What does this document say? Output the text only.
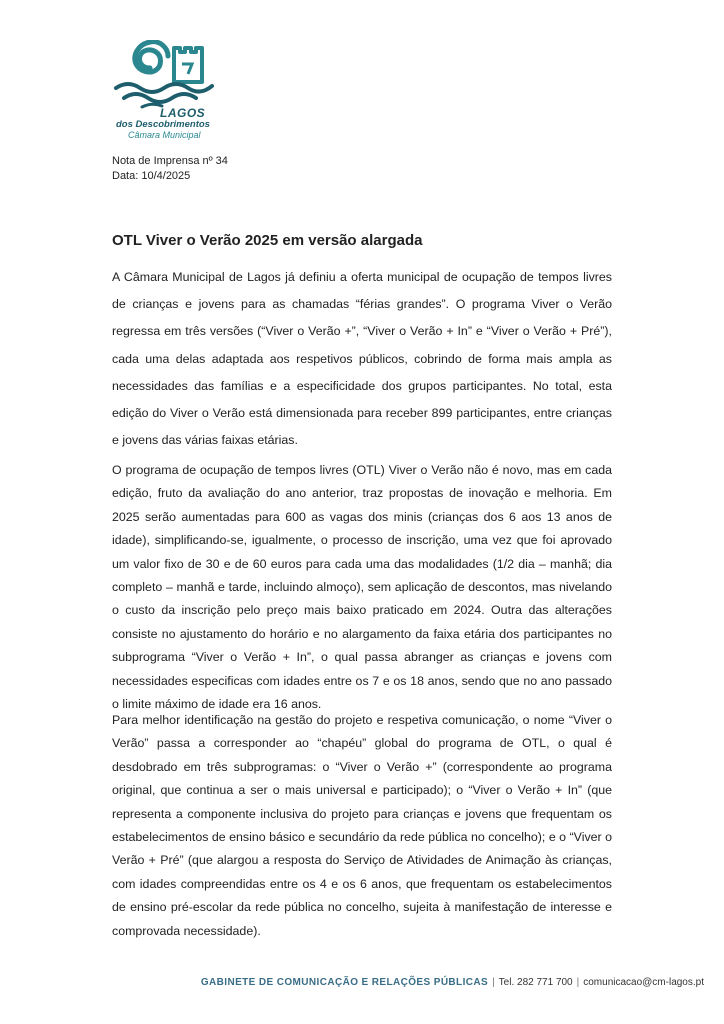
LAGOS
dos Descobrimentos
Câmara Municipal
Nota de Imprensa nº 34
Data: 10/4/2025
OTL Viver o Verão 2025 em versão alargada

A Câmara Municipal de Lagos já definiu a oferta municipal de ocupação de tempos livres de crianças e jovens para as chamadas “férias grandes”. O programa Viver o Verão regressa em três versões (“Viver o Verão +”, “Viver o Verão + In” e “Viver o Verão + Pré”), cada uma delas adaptada aos respetivos públicos, cobrindo de forma mais ampla as necessidades das famílias e a especificidade dos grupos participantes. No total, esta edição do Viver o Verão está dimensionada para receber 899 participantes, entre crianças e jovens das várias faixas etárias.

O programa de ocupação de tempos livres (OTL) Viver o Verão não é novo, mas em cada edição, fruto da avaliação do ano anterior, traz propostas de inovação e melhoria. Em 2025 serão aumentadas para 600 as vagas dos minis (crianças dos 6 aos 13 anos de idade), simplificando-se, igualmente, o processo de inscrição, uma vez que foi aprovado um valor fixo de 30 e de 60 euros para cada uma das modalidades (1/2 dia – manhã; dia completo – manhã e tarde, incluindo almoço), sem aplicação de descontos, mas nivelando o custo da inscrição pelo preço mais baixo praticado em 2024. Outra das alterações consiste no ajustamento do horário e no alargamento da faixa etária dos participantes no subprograma “Viver o Verão + In”, o qual passa abranger as crianças e jovens com necessidades especificas com idades entre os 7 e os 18 anos, sendo que no ano passado o limite máximo de idade era 16 anos.

Para melhor identificação na gestão do projeto e respetiva comunicação, o nome “Viver o Verão” passa a corresponder ao “chapéu” global do programa de OTL, o qual é desdobrado em três subprogramas: o “Viver o Verão +” (correspondente ao programa original, que continua a ser o mais universal e participado); o “Viver o Verão + In” (que representa a componente inclusiva do projeto para crianças e jovens que frequentam os estabelecimentos de ensino básico e secundário da rede pública no concelho); e o “Viver o Verão + Pré” (que alargou a resposta do Serviço de Atividades de Animação às crianças, com idades compreendidas entre os 4 e os 6 anos, que frequentam os estabelecimentos de ensino pré-escolar da rede pública no concelho, sujeita à manifestação de interesse e comprovada necessidade).

GABINETE DE COMUNICAÇÃO E RELAÇÕES PÚBLICAS | Tel. 282 771 700 | comunicacao@cm-lagos.pt
